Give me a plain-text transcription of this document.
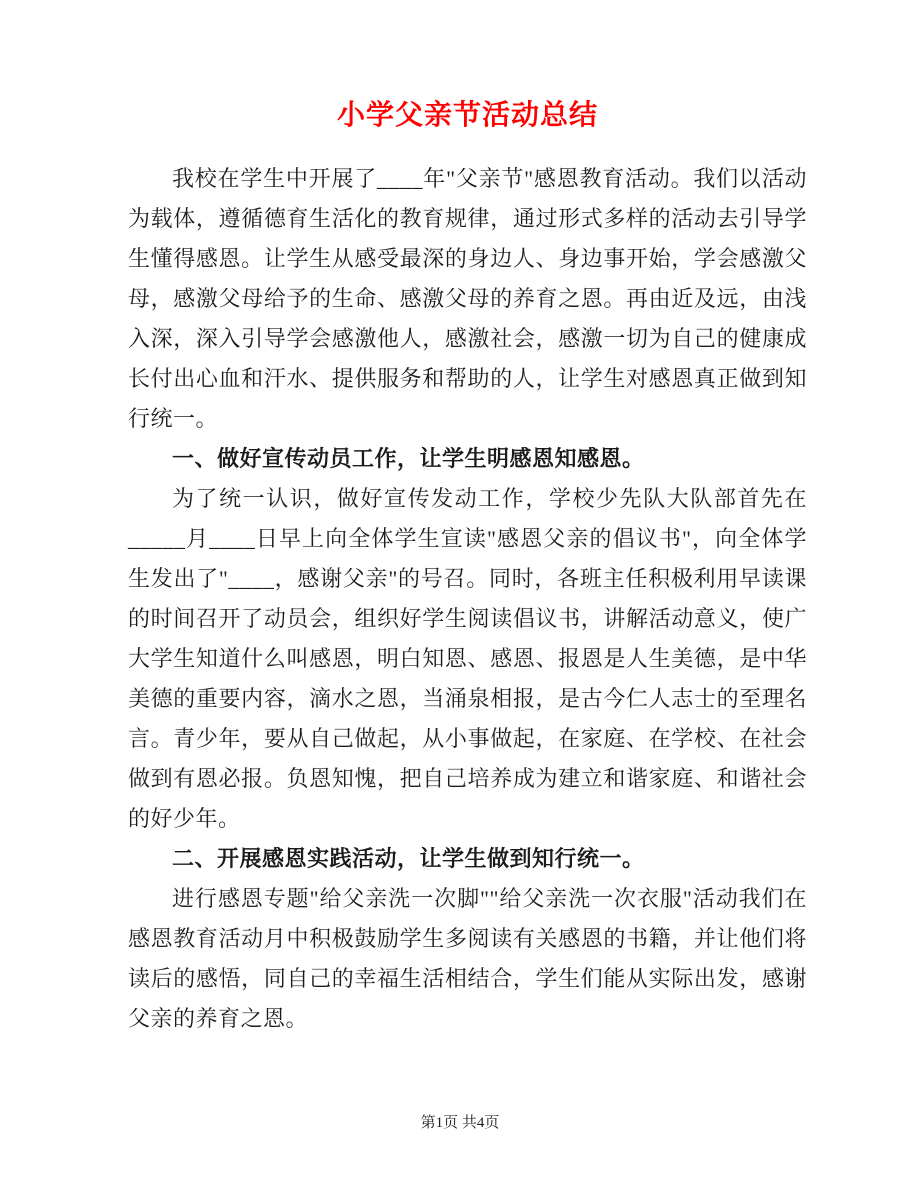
小学父亲节活动总结

我校在学生中开展了____年"父亲节"感恩教育活动。我们以活动为载体，遵循德育生活化的教育规律，通过形式多样的活动去引导学生懂得感恩。让学生从感受最深的身边人、身边事开始，学会感激父母，感激父母给予的生命、感激父母的养育之恩。再由近及远，由浅入深，深入引导学会感激他人，感激社会，感激一切为自己的健康成长付出心血和汗水、提供服务和帮助的人，让学生对感恩真正做到知行统一。

一、做好宣传动员工作，让学生明感恩知感恩。

为了统一认识，做好宣传发动工作，学校少先队大队部首先在_____月____日早上向全体学生宣读"感恩父亲的倡议书"，向全体学生发出了"____，感谢父亲"的号召。同时，各班主任积极利用早读课的时间召开了动员会，组织好学生阅读倡议书，讲解活动意义，使广大学生知道什么叫感恩，明白知恩、感恩、报恩是人生美德，是中华美德的重要内容，滴水之恩，当涌泉相报，是古今仁人志士的至理名言。青少年，要从自己做起，从小事做起，在家庭、在学校、在社会做到有恩必报。负恩知愧，把自己培养成为建立和谐家庭、和谐社会的好少年。

二、开展感恩实践活动，让学生做到知行统一。

进行感恩专题"给父亲洗一次脚""给父亲洗一次衣服"活动我们在感恩教育活动月中积极鼓励学生多阅读有关感恩的书籍，并让他们将读后的感悟，同自己的幸福生活相结合，学生们能从实际出发，感谢父亲的养育之恩。

第1页 共4页
